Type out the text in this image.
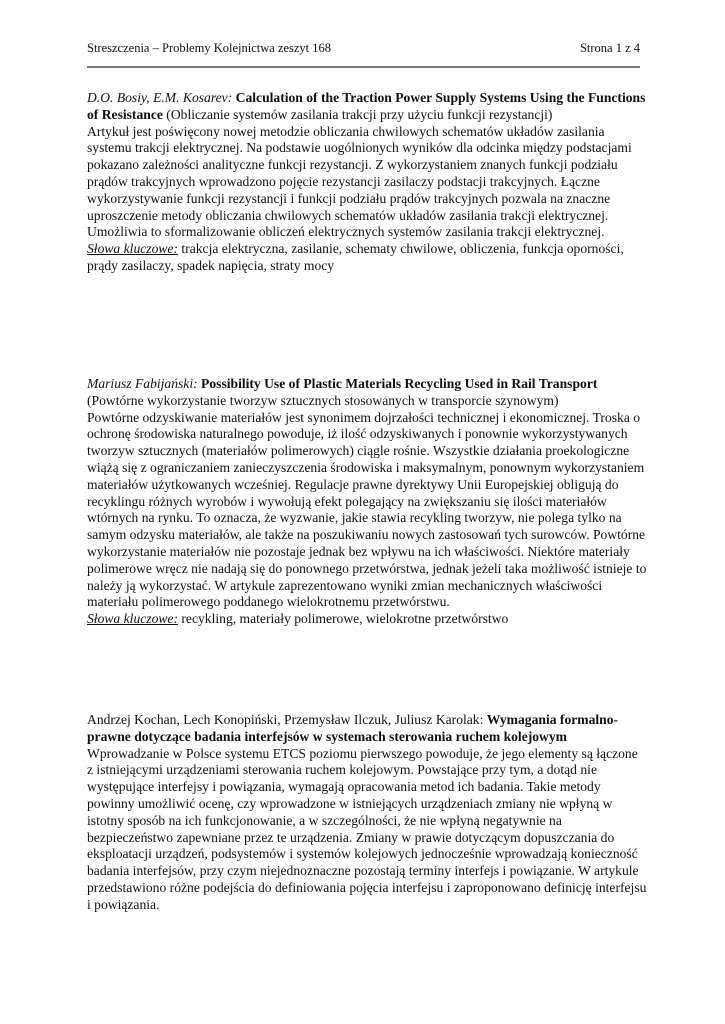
Streszczenia – Problemy Kolejnictwa zeszyt 168	Strona 1 z 4

D.O. Bosiy, E.M. Kosarev: Calculation of the Traction Power Supply Systems Using the Functions of Resistance (Obliczanie systemów zasilania trakcji przy użyciu funkcji rezystancji)

Artykuł jest poświęcony nowej metodzie obliczania chwilowych schematów układów zasilania systemu trakcji elektrycznej. Na podstawie uogólnionych wyników dla odcinka między podstacjami pokazano zależności analityczne funkcji rezystancji. Z wykorzystaniem znanych funkcji podziału prądów trakcyjnych wprowadzono pojęcie rezystancji zasilaczy podstacji trakcyjnych. Łączne wykorzystywanie funkcji rezystancji i funkcji podziału prądów trakcyjnych pozwala na znaczne uproszczenie metody obliczania chwilowych schematów układów zasilania trakcji elektrycznej. Umożliwia to sformalizowanie obliczeń elektrycznych systemów zasilania trakcji elektrycznej.

Słowa kluczowe: trakcja elektryczna, zasilanie, schematy chwilowe, obliczenia, funkcja oporności, prądy zasilaczy, spadek napięcia, straty mocy

Mariusz Fabijański: Possibility Use of Plastic Materials Recycling Used in Rail Transport (Powtórne wykorzystanie tworzyw sztucznych stosowanych w transporcie szynowym)

Powtórne odzyskiwanie materiałów jest synonimem dojrzałości technicznej i ekonomicznej. Troska o ochronę środowiska naturalnego powoduje, iż ilość odzyskiwanych i ponownie wykorzystywanych tworzyw sztucznych (materiałów polimerowych) ciągle rośnie. Wszystkie działania proekologiczne wiążą się z ograniczaniem zanieczyszczenia środowiska i maksymalnym, ponownym wykorzystaniem materiałów użytkowanych wcześniej. Regulacje prawne dyrektywy Unii Europejskiej obligują do recyklingu różnych wyrobów i wywołują efekt polegający na zwiększaniu się ilości materiałów wtórnych na rynku. To oznacza, że wyzwanie, jakie stawia recykling tworzyw, nie polega tylko na samym odzysku materiałów, ale także na poszukiwaniu nowych zastosowań tych surowców. Powtórne wykorzystanie materiałów nie pozostaje jednak bez wpływu na ich właściwości. Niektóre materiały polimerowe wręcz nie nadają się do ponownego przetwórstwa, jednak jeżeli taka możliwość istnieje to należy ją wykorzystać. W artykule zaprezentowano wyniki zmian mechanicznych właściwości materiału polimerowego poddanego wielokrotnemu przetwórstwu.

Słowa kluczowe: recykling, materiały polimerowe, wielokrotne przetwórstwo

Andrzej Kochan, Lech Konopiński, Przemysław Ilczuk, Juliusz Karolak: Wymagania formalno-prawne dotyczące badania interfejsów w systemach sterowania ruchem kolejowym

Wprowadzanie w Polsce systemu ETCS poziomu pierwszego powoduje, że jego elementy są łączone z istniejącymi urządzeniami sterowania ruchem kolejowym. Powstające przy tym, a dotąd nie występujące interfejsy i powiązania, wymagają opracowania metod ich badania. Takie metody powinny umożliwić ocenę, czy wprowadzone w istniejących urządzeniach zmiany nie wpłyną w istotny sposób na ich funkcjonowanie, a w szczególności, że nie wpłyną negatywnie na bezpieczeństwo zapewniane przez te urządzenia. Zmiany w prawie dotyczącym dopuszczania do eksploatacji urządzeń, podsystemów i systemów kolejowych jednocześnie wprowadzają konieczność badania interfejsów, przy czym niejednoznaczne pozostają terminy interfejs i powiązanie. W artykule przedstawiono różne podejścia do definiowania pojęcia interfejsu i zaproponowano definicję interfejsu i powiązania.
